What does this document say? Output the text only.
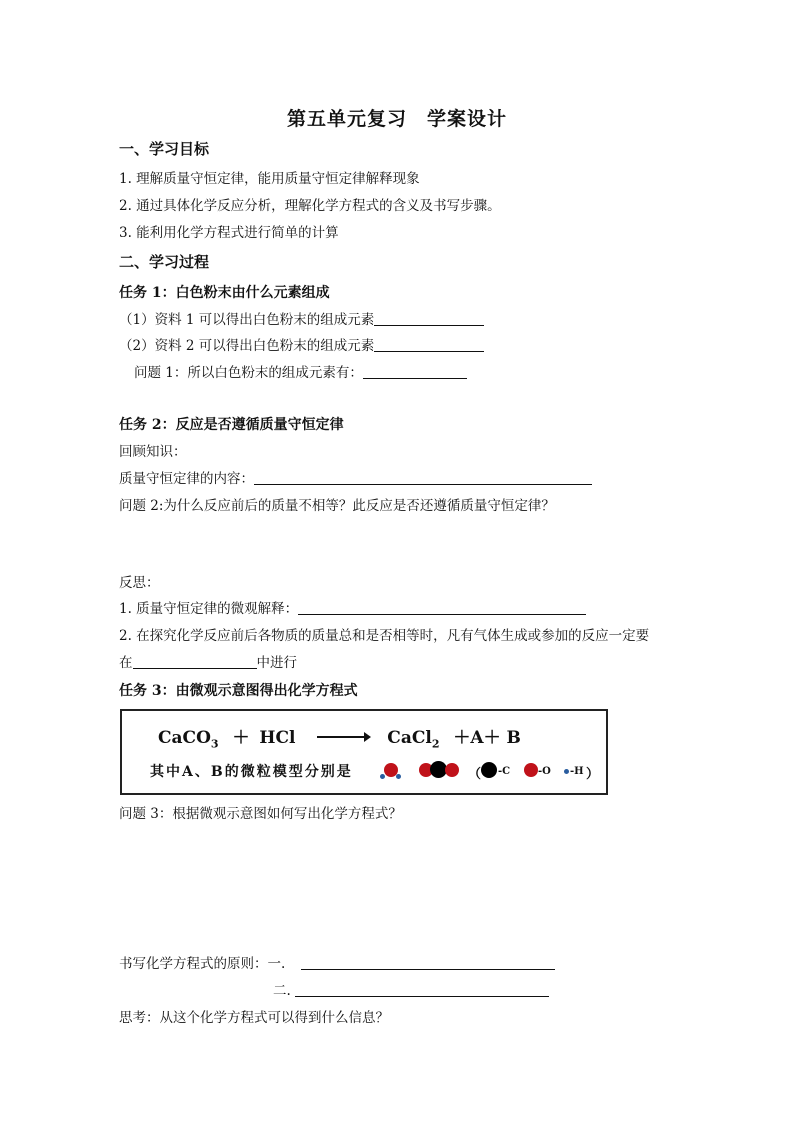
第五单元复习　学案设计
一、学习目标
1. 理解质量守恒定律，能用质量守恒定律解释现象
2. 通过具体化学反应分析，理解化学方程式的含义及书写步骤。
3. 能利用化学方程式进行简单的计算
二、学习过程
任务 1：白色粉末由什么元素组成
（1）资料 1 可以得出白色粉末的组成元素
（2）资料 2 可以得出白色粉末的组成元素
问题 1：所以白色粉末的组成元素有：
任务 2：反应是否遵循质量守恒定律
回顾知识：
质量守恒定律的内容：
问题 2:为什么反应前后的质量不相等？此反应是否还遵循质量守恒定律？
反思：
1. 质量守恒定律的微观解释：
2. 在探究化学反应前后各物质的质量总和是否相等时，凡有气体生成或参加的反应一定要
在	中进行
任务 3：由微观示意图得出化学方程式
CaCO$_3$ ＋ HCl → CaCl$_2$ ＋A＋ B
其中A、B的微粒模型分别是	（ -C	-O -H ）
问题 3：根据微观示意图如何写出化学方程式？
书写化学方程式的原则：一.
二.
思考：从这个化学方程式可以得到什么信息？
